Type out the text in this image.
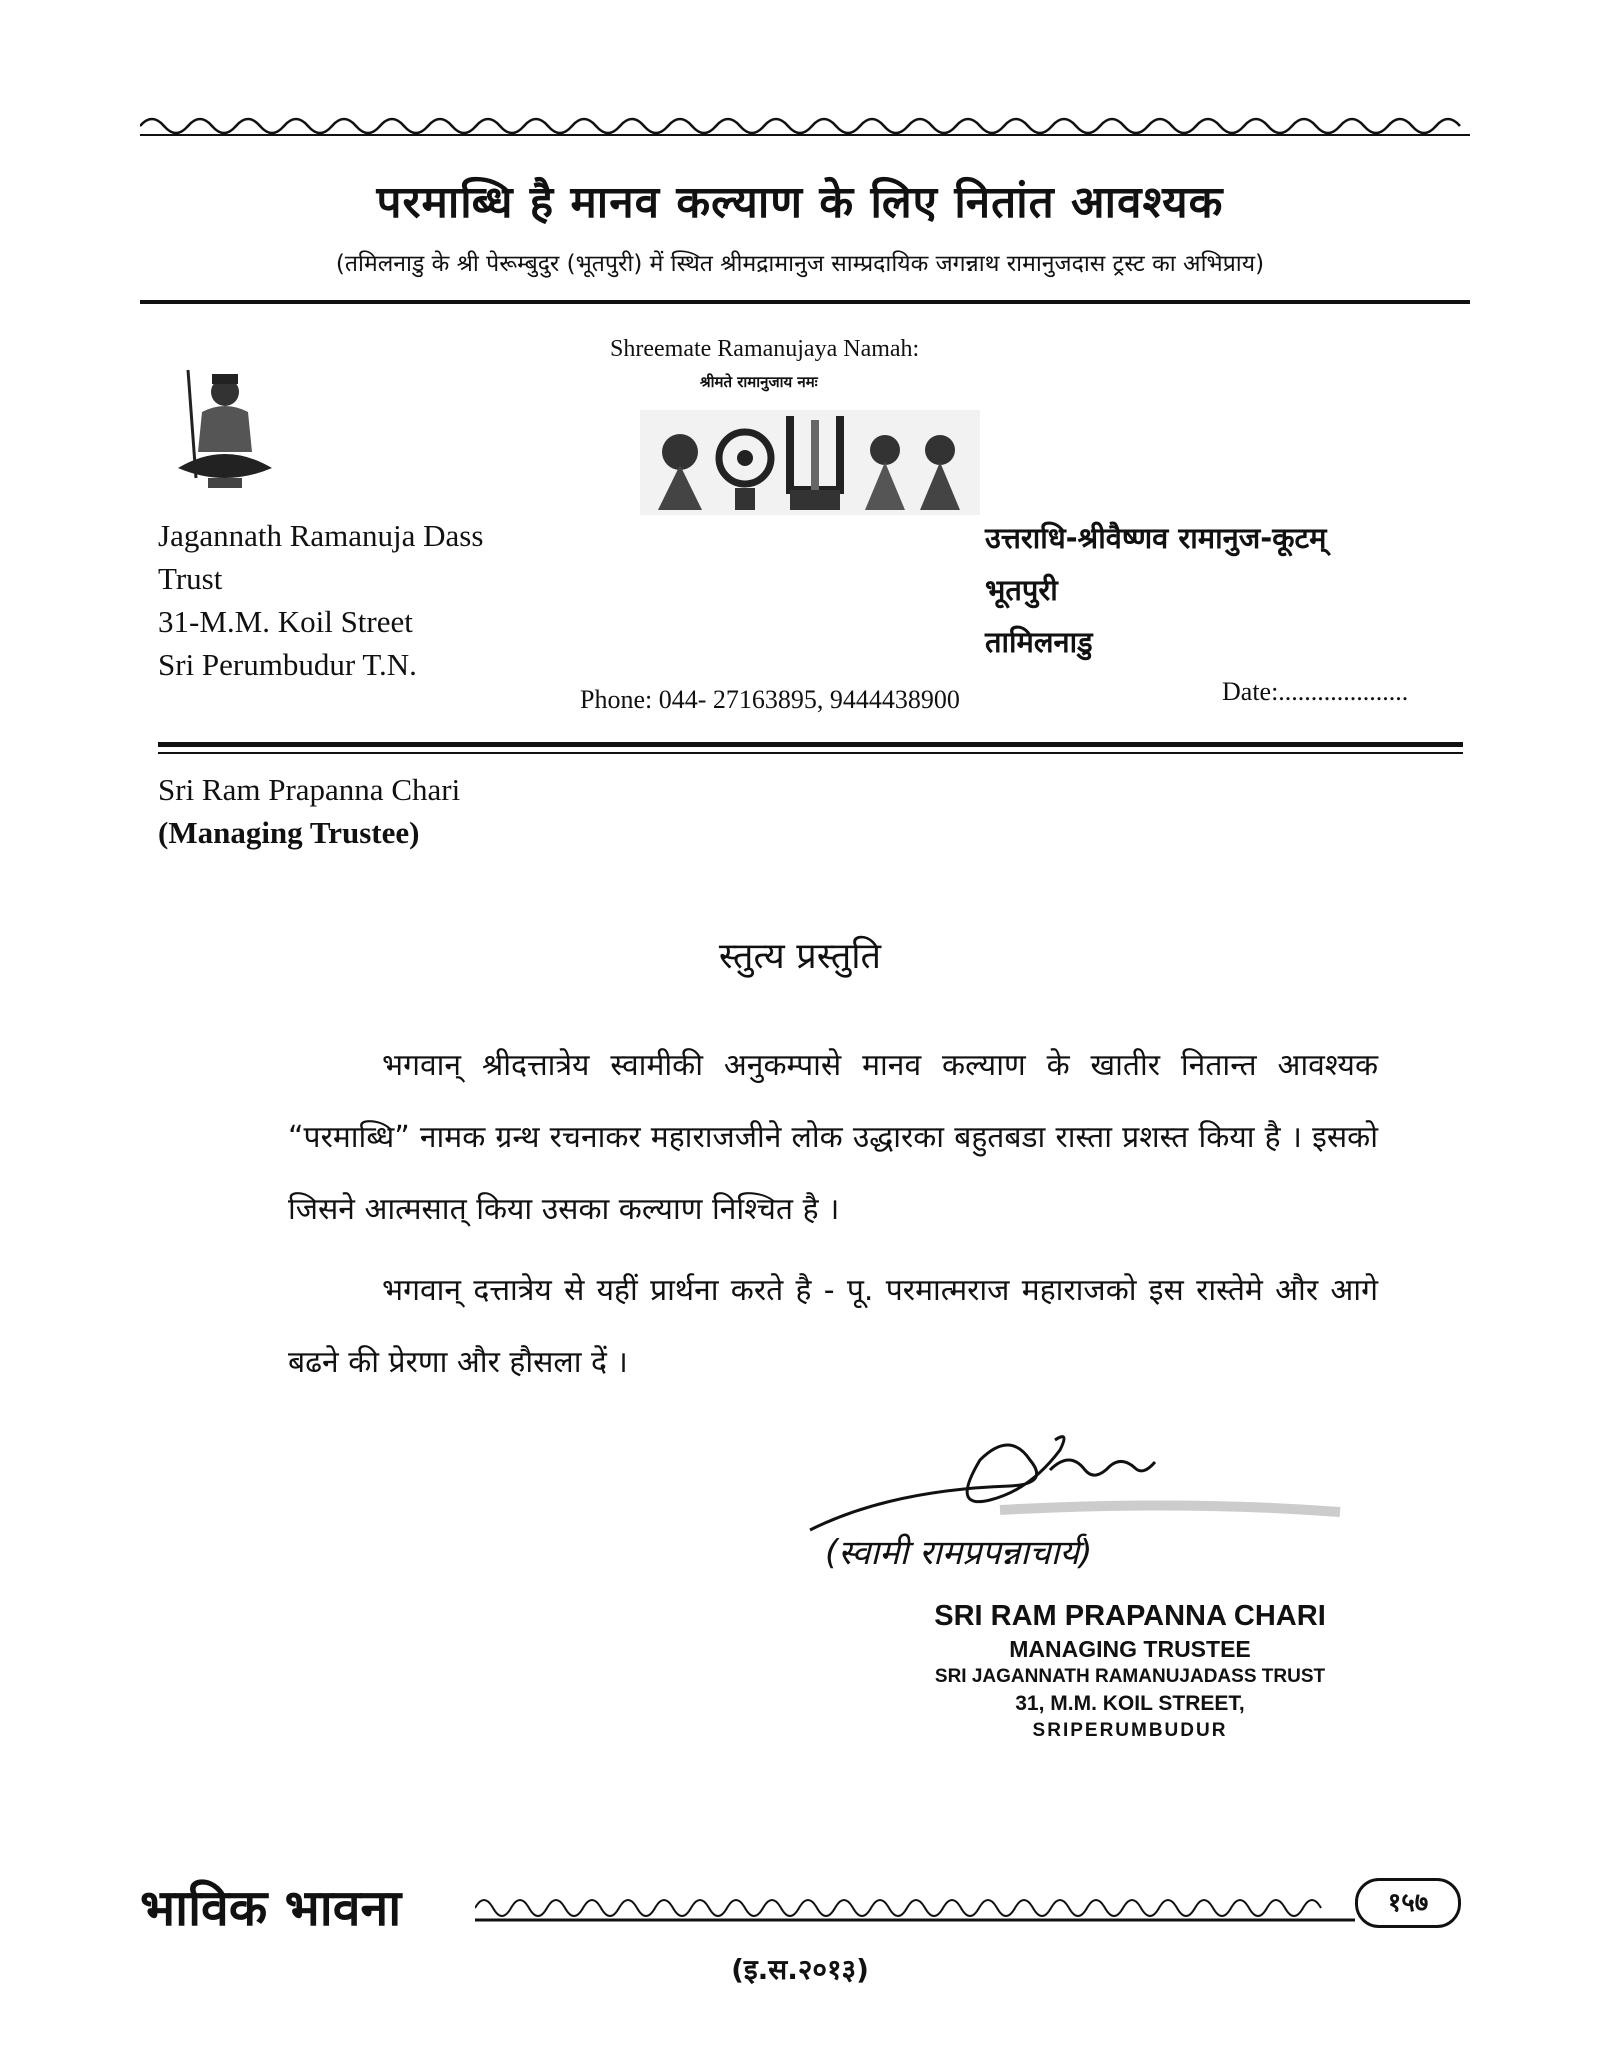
परमाब्धि है मानव कल्याण के लिए नितांत आवश्यक
(तमिलनाडु के श्री पेरूम्बुदुर (भूतपुरी) में स्थित श्रीमद्रामानुज साम्प्रदायिक जगन्नाथ रामानुजदास ट्रस्ट का अभिप्राय)
Shreemate Ramanujaya Namah:
श्रीमते रामानुजाय नमः
Jagannath Ramanuja Dass
Trust
31-M.M. Koil Street
Sri Perumbudur T.N.
उत्तराधि-श्रीवैष्णव रामानुज-कूटम्
भूतपुरी
तामिलनाडु
Phone: 044- 27163895, 9444438900	Date:....................
Sri Ram Prapanna Chari
(Managing Trustee)
स्तुत्य प्रस्तुति
भगवान् श्रीदत्तात्रेय स्वामीकी अनुकम्पासे मानव कल्याण के खातीर नितान्त आवश्यक “परमाब्धि” नामक ग्रन्थ रचनाकर महाराजजीने लोक उद्धारका बहुतबडा रास्ता प्रशस्त किया है । इसको जिसने आत्मसात् किया उसका कल्याण निश्चित है ।
भगवान् दत्तात्रेय से यहीं प्रार्थना करते है - पू. परमात्मराज महाराजको इस रास्तेमे और आगे बढने की प्रेरणा और हौसला दें ।
(स्वामी रामप्रपन्नाचार्य)
SRI RAM PRAPANNA CHARI
MANAGING TRUSTEE
SRI JAGANNATH RAMANUJADASS TRUST
31, M.M. KOIL STREET,
SRIPERUMBUDUR
भाविक भावना	१५७
(इ.स.२०१३)
